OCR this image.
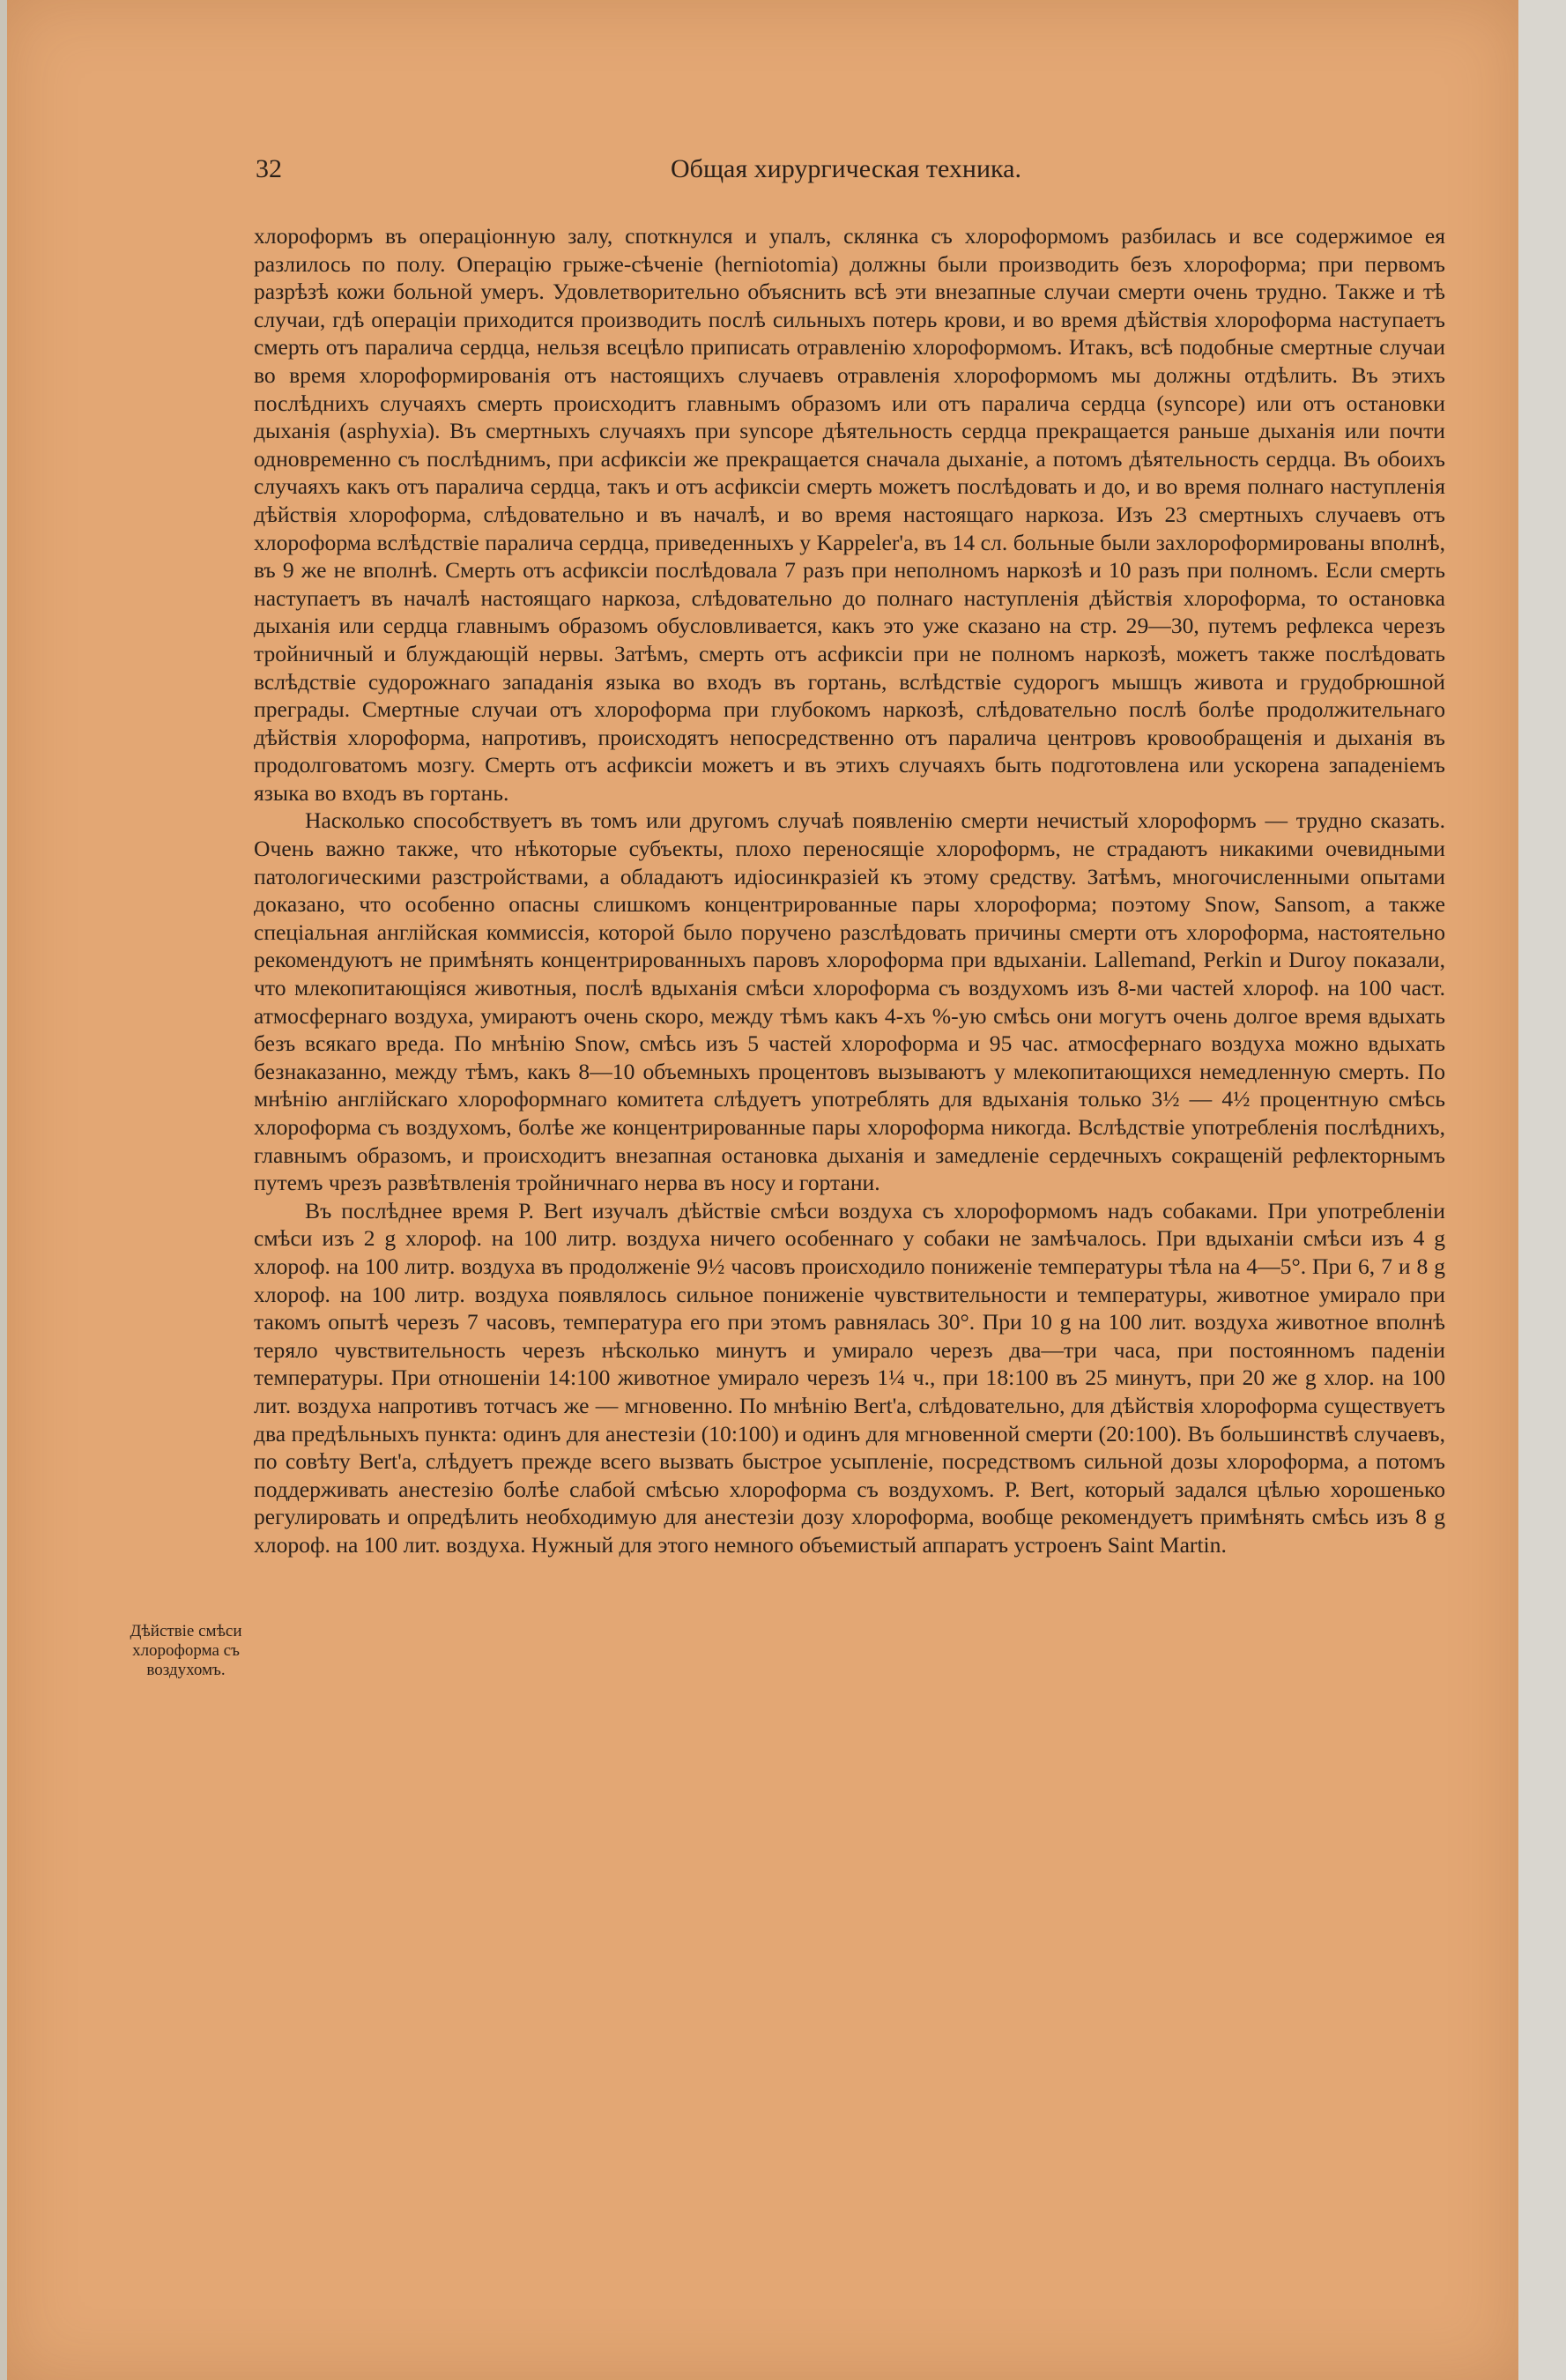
32	Общая хирургическая техника.

хлороформъ въ операціонную залу, споткнулся и упалъ, склянка съ хлороформомъ разбилась и все содержимое ея разлилось по полу. Операцію грыже-сѣченіе (herniotomia) должны были производить безъ хлороформа; при первомъ разрѣзѣ кожи больной умеръ. Удовлетворительно объяснить всѣ эти внезапные случаи смерти очень трудно. Также и тѣ случаи, гдѣ операціи приходится производить послѣ сильныхъ потерь крови, и во время дѣйствія хлороформа наступаетъ смерть отъ паралича сердца, нельзя всецѣло приписать отравленію хлороформомъ. Итакъ, всѣ подобные смертные случаи во время хлороформированія отъ настоящихъ случаевъ отравленія хлороформомъ мы должны отдѣлить. Въ этихъ послѣднихъ случаяхъ смерть происходитъ главнымъ образомъ или отъ паралича сердца (syncope) или отъ остановки дыханія (asphyxia). Въ смертныхъ случаяхъ при syncope дѣятельность сердца прекращается раньше дыханія или почти одновременно съ послѣднимъ, при асфиксіи же прекращается сначала дыханіе, а потомъ дѣятельность сердца. Въ обоихъ случаяхъ какъ отъ паралича сердца, такъ и отъ асфиксіи смерть можетъ послѣдовать и до, и во время полнаго наступленія дѣйствія хлороформа, слѣдовательно и въ началѣ, и во время настоящаго наркоза. Изъ 23 смертныхъ случаевъ отъ хлороформа вслѣдствіе паралича сердца, приведенныхъ у Kappeler'а, въ 14 сл. больные были захлороформированы вполнѣ, въ 9 же не вполнѣ. Смерть отъ асфиксіи послѣдовала 7 разъ при неполномъ наркозѣ и 10 разъ при полномъ. Если смерть наступаетъ въ началѣ настоящаго наркоза, слѣдовательно до полнаго наступленія дѣйствія хлороформа, то остановка дыханія или сердца главнымъ образомъ обусловливается, какъ это уже сказано на стр. 29—30, путемъ рефлекса черезъ тройничный и блуждающій нервы. Затѣмъ, смерть отъ асфиксіи при не полномъ наркозѣ, можетъ также послѣдовать вслѣдствіе судорожнаго западанія языка во входъ въ гортань, вслѣдствіе судорогъ мышцъ живота и грудобрюшной преграды. Смертные случаи отъ хлороформа при глубокомъ наркозѣ, слѣдовательно послѣ болѣе продолжительнаго дѣйствія хлороформа, напротивъ, происходятъ непосредственно отъ паралича центровъ кровообращенія и дыханія въ продолговатомъ мозгу. Смерть отъ асфиксіи можетъ и въ этихъ случаяхъ быть подготовлена или ускорена западеніемъ языка во входъ въ гортань.

Насколько способствуетъ въ томъ или другомъ случаѣ появленію смерти нечистый хлороформъ — трудно сказать. Очень важно также, что нѣкоторые субъекты, плохо переносящіе хлороформъ, не страдаютъ никакими очевидными патологическими разстройствами, а обладаютъ идіосинкразіей къ этому средству. Затѣмъ, многочисленными опытами доказано, что особенно опасны слишкомъ концентрированные пары хлороформа; поэтому Snow, Sansom, а также спеціальная англійская коммиссія, которой было поручено разслѣдовать причины смерти отъ хлороформа, настоятельно рекомендуютъ не примѣнять концентрированныхъ паровъ хлороформа при вдыханіи. Lallemand, Perkin и Duroy показали, что млекопитающіяся животныя, послѣ вдыханія смѣси хлороформа съ воздухомъ изъ 8-ми частей хлороф. на 100 част. атмосфернаго воздуха, умираютъ очень скоро, между тѣмъ какъ 4-хъ %-ую смѣсь они могутъ очень долгое время вдыхать безъ всякаго вреда. По мнѣнію Snow, смѣсь изъ 5 частей хлороформа и 95 час. атмосфернаго воздуха можно вдыхать безнаказанно, между тѣмъ, какъ 8—10 объемныхъ процентовъ вызываютъ у млекопитающихся немедленную смерть. По мнѣнію англійскаго хлороформнаго комитета слѣдуетъ употреблять для вдыханія только 3½ — 4½ процентную смѣсь хлороформа съ воздухомъ, болѣе же концентрированные пары хлороформа никогда. Вслѣдствіе употребленія послѣднихъ, главнымъ образомъ, и происходитъ внезапная остановка дыханія и замедленіе сердечныхъ сокращеній рефлекторнымъ путемъ чрезъ развѣтвленія тройничнаго нерва въ носу и гортани.

Въ послѣднее время P. Bert изучалъ дѣйствіе смѣси воздуха съ хлороформомъ надъ собаками. При употребленіи смѣси изъ 2 g хлороф. на 100 литр. воздуха ничего особеннаго у собаки не замѣчалось. При вдыханіи смѣси изъ 4 g хлороф. на 100 литр. воздуха въ продолженіе 9½ часовъ происходило пониженіе температуры тѣла на 4—5°. При 6, 7 и 8 g хлороф. на 100 литр. воздуха появлялось сильное пониженіе чувствительности и температуры, животное умирало при такомъ опытѣ черезъ 7 часовъ, температура его при этомъ равнялась 30°. При 10 g на 100 лит. воздуха животное вполнѣ теряло чувствительность черезъ нѣсколько минутъ и умирало черезъ два—три часа, при постоянномъ паденіи температуры. При отношеніи 14:100 животное умирало черезъ 1¼ ч., при 18:100 въ 25 минутъ, при 20 же g хлор. на 100 лит. воздуха напротивъ тотчасъ же — мгновенно. По мнѣнію Bert'а, слѣдовательно, для дѣйствія хлороформа существуетъ два предѣльныхъ пункта: одинъ для анестезіи (10:100) и одинъ для мгновенной смерти (20:100). Въ большинствѣ случаевъ, по совѣту Bert'а, слѣдуетъ прежде всего вызвать быстрое усыпленіе, посредствомъ сильной дозы хлороформа, а потомъ поддерживать анестезію болѣе слабой смѣсью хлороформа съ воздухомъ. P. Bert, который задался цѣлью хорошенько регулировать и опредѣлить необходимую для анестезіи дозу хлороформа, вообще рекомендуетъ примѣнять смѣсь изъ 8 g хлороф. на 100 лит. воздуха. Нужный для этого немного объемистый аппаратъ устроенъ Saint Martin.

Дѣйствіе смѣси хлороформа съ воздухомъ.
